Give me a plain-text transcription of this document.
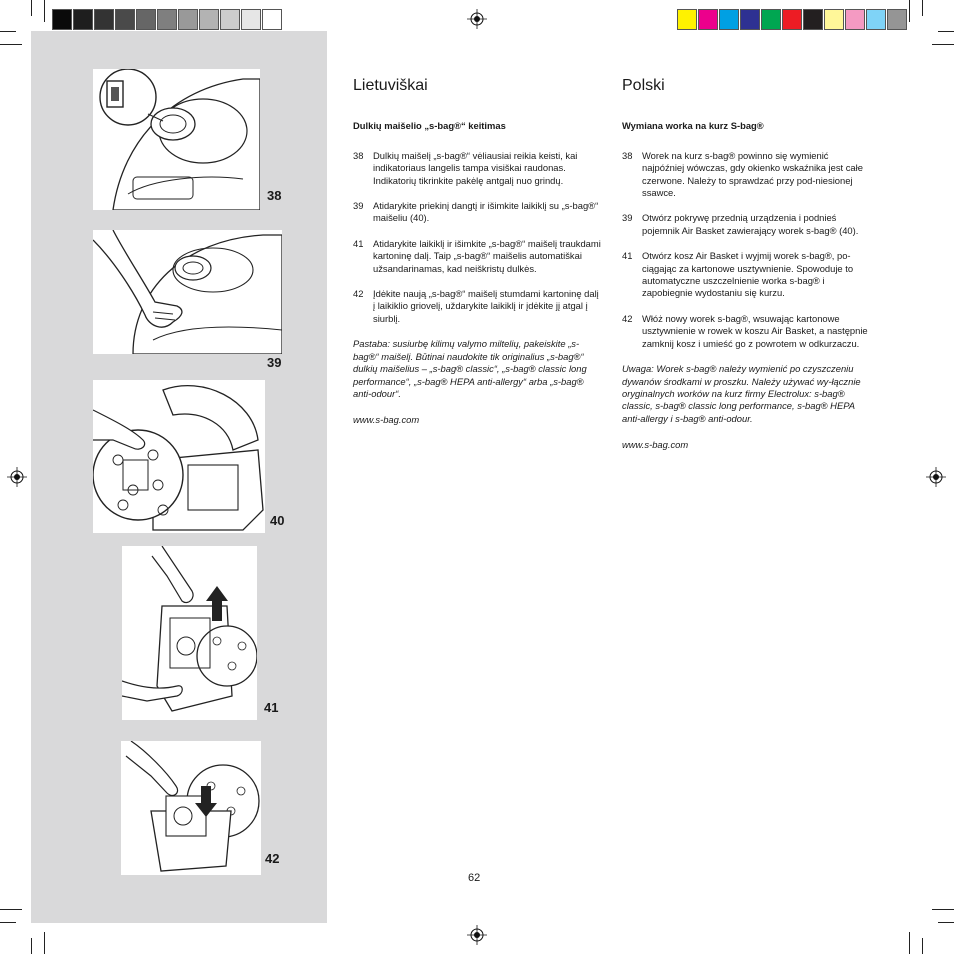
38
39
40
41
42
Lietuviškai
Dulkių maišelio „s-bag®“ keitimas
38	Dulkių maišelį „s-bag®“ vėliausiai reikia keisti, kai indikatoriaus langelis tampa visiškai raudonas. Indikatorių tikrinkite pakėlę antgalį nuo grindų.
39	Atidarykite priekinį dangtį ir išimkite laikiklį su „s-bag®“ maišeliu (40).
41	Atidarykite laikiklį ir išimkite „s-bag®“ maišelį traukdami kartoninę dalį. Taip „s-bag®“ maišelis automatiškai užsandarinamas, kad neiškristų dulkės.
42	Įdėkite naują „s-bag®“ maišelį stumdami kartoninę dalį į laikiklio griovelį, uždarykite laikiklį ir įdėkite jį atgal į siurblį.

Pastaba: susiurbę kilimų valymo miltelių, pakeiskite „s-bag®“ maišelį. Būtinai naudokite tik originalius „s-bag®“ dulkių maišelius – „s-bag® classic“, „s-bag® classic long performance“, „s-bag® HEPA anti-allergy“ arba „s-bag® anti-odour“.

www.s-bag.com

Polski
Wymiana worka na kurz S-bag®
38	Worek na kurz s-bag® powinno się wymienić najpóźniej wówczas, gdy okienko wskaźnika jest całe czerwone. Należy to sprawdzać przy pod-niesionej ssawce.
39	Otwórz pokrywę przednią urządzenia i podnieś pojemnik Air Basket zawierający worek s-bag® (40).
41	Otwórz kosz Air Basket i wyjmij worek s-bag®, po-ciągając za kartonowe usztywnienie. Spowoduje to automatyczne uszczelnienie worka s-bag® i zapobiegnie wydostaniu się kurzu.
42	Włóż nowy worek s-bag®, wsuwając kartonowe usztywnienie w rowek w koszu Air Basket, a następnie zamknij kosz i umieść go z powrotem w odkurzaczu.

Uwaga: Worek s-bag® należy wymienić po czyszczeniu dywanów środkami w proszku. Należy używać wy-łącznie oryginalnych worków na kurz firmy Electrolux: s-bag® classic, s-bag® classic long performance, s-bag® HEPA anti-allergy i s-bag® anti-odour.

www.s-bag.com

62
